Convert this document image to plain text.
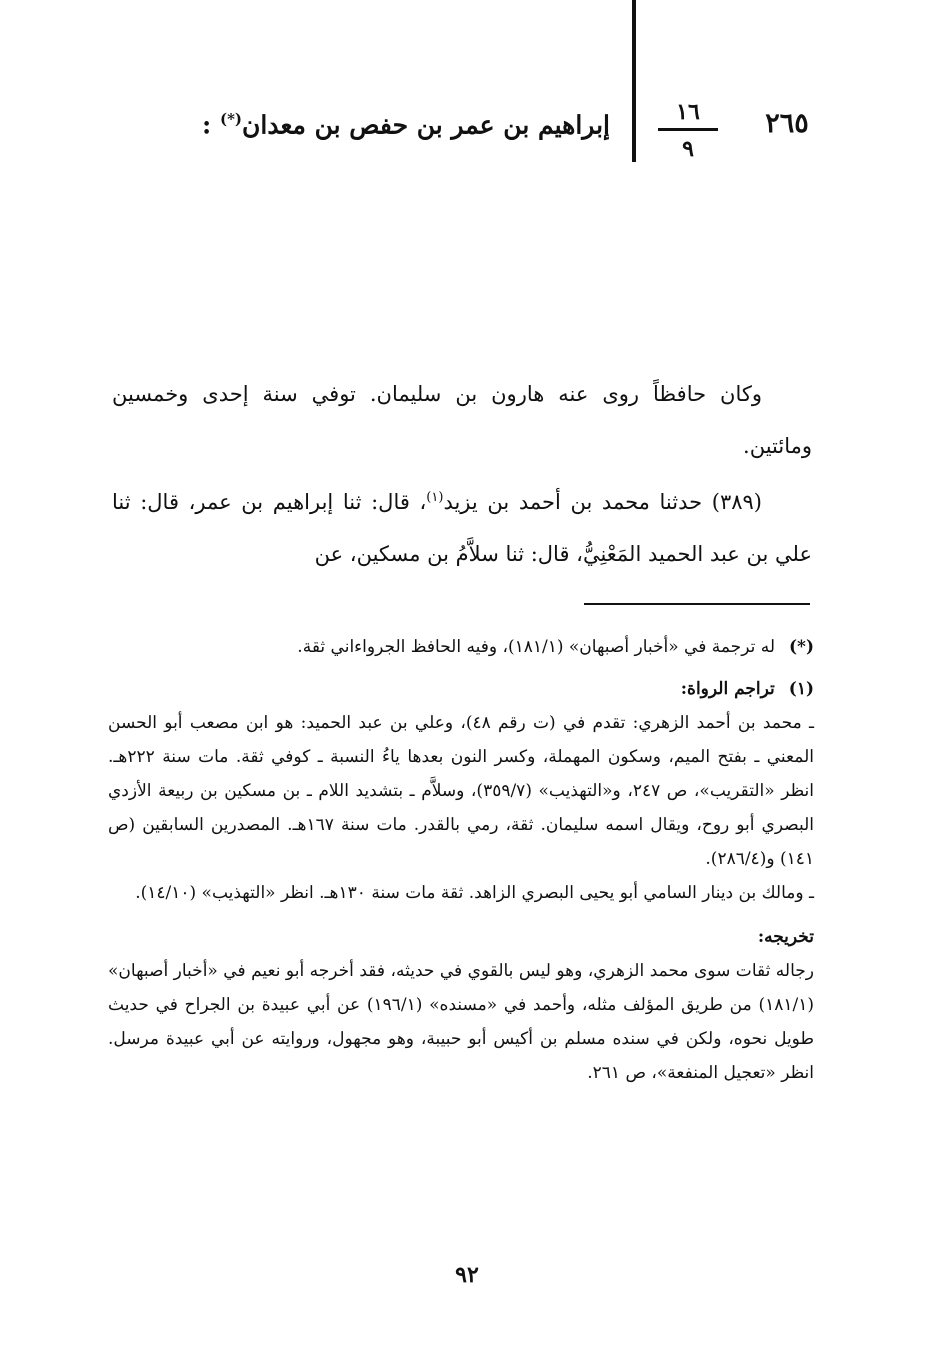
٢٦٥
١٦
٩
إبراهيم بن عمر بن حفص بن معدان(*) :

وكان حافظاً روى عنه هارون بن سليمان. توفي سنة إحدى وخمسين ومائتين.

(٣٨٩) حدثنا محمد بن أحمد بن يزيد$^{(١)}$، قال: ثنا إبراهيم بن عمر، قال: ثنا علي بن عبد الحميد المَعْنِيُّ، قال: ثنا سلاَّمُ بن مسكين، عن

(*)له ترجمة في «أخبار أصبهان» (١٨١/١)، وفيه الحافظ الجرواءاني ثقة.

(١)تراجم الرواة:

ـ محمد بن أحمد الزهري: تقدم في (ت رقم ٤٨)، وعلي بن عبد الحميد: هو ابن مصعب أبو الحسن المعني ـ بفتح الميم، وسكون المهملة، وكسر النون بعدها ياءُ النسبة ـ كوفي ثقة. مات سنة ٢٢٢هـ. انظر «التقريب»، ص ٢٤٧، و«التهذيب» (٣٥٩/٧)، وسلاَّم ـ بتشديد اللام ـ بن مسكين بن ربيعة الأزدي البصري أبو روح، ويقال اسمه سليمان. ثقة، رمي بالقدر. مات سنة ١٦٧هـ. المصدرين السابقين (ص ١٤١) و(٢٨٦/٤).

ـ ومالك بن دينار السامي أبو يحيى البصري الزاهد. ثقة مات سنة ١٣٠هـ. انظر «التهذيب» (١٤/١٠).

تخريجه:

رجاله ثقات سوى محمد الزهري، وهو ليس بالقوي في حديثه، فقد أخرجه أبو نعيم في «أخبار أصبهان» (١٨١/١) من طريق المؤلف مثله، وأحمد في «مسنده» (١٩٦/١) عن أبي عبيدة بن الجراح في حديث طويل نحوه، ولكن في سنده مسلم بن أكيس أبو حبيبة، وهو مجهول، وروايته عن أبي عبيدة مرسل. انظر «تعجيل المنفعة»، ص ٢٦١.

٩٢
